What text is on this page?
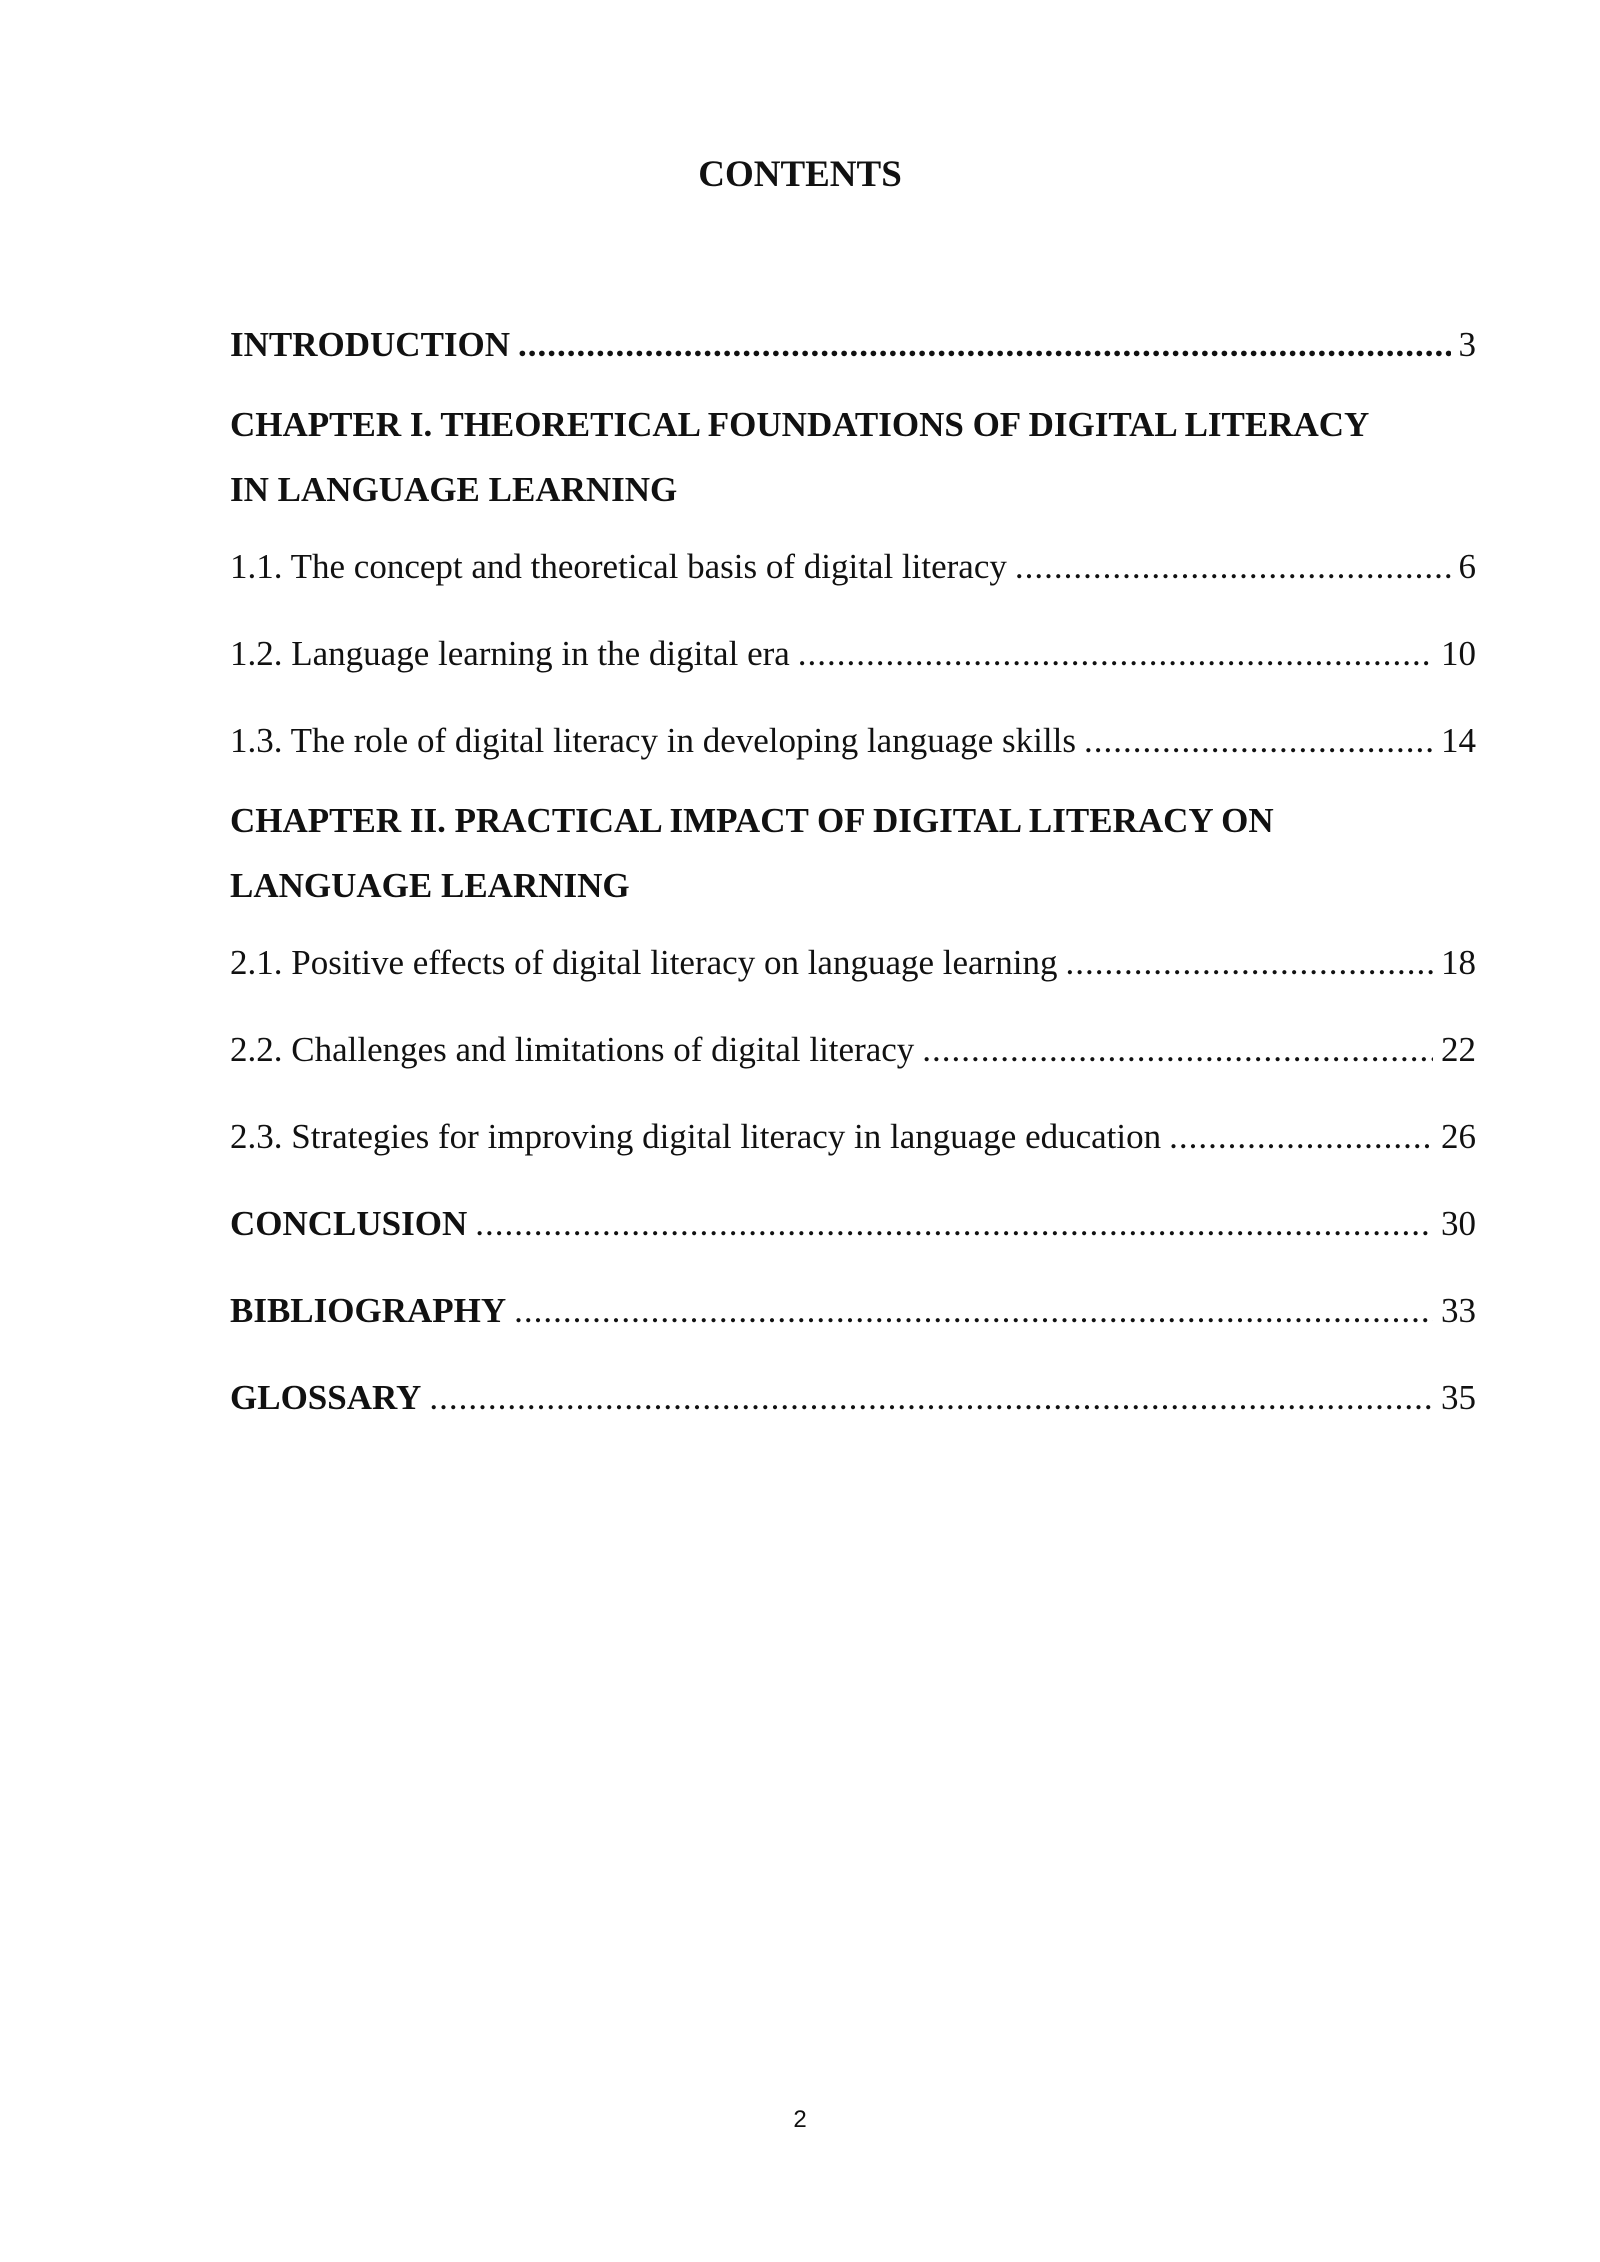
CONTENTS
INTRODUCTION .....	3
CHAPTER I. THEORETICAL FOUNDATIONS OF DIGITAL LITERACY
IN LANGUAGE LEARNING
1.1. The concept and theoretical basis of digital literacy .....	6
1.2. Language learning in the digital era .....	10
1.3. The role of digital literacy in developing language skills .....	14
CHAPTER II. PRACTICAL IMPACT OF DIGITAL LITERACY ON
LANGUAGE LEARNING
2.1. Positive effects of digital literacy on language learning .....	18
2.2. Challenges and limitations of digital literacy .....	22
2.3. Strategies for improving digital literacy in language education .....	26
CONCLUSION .....	30
BIBLIOGRAPHY .....	33
GLOSSARY .....	35
2
